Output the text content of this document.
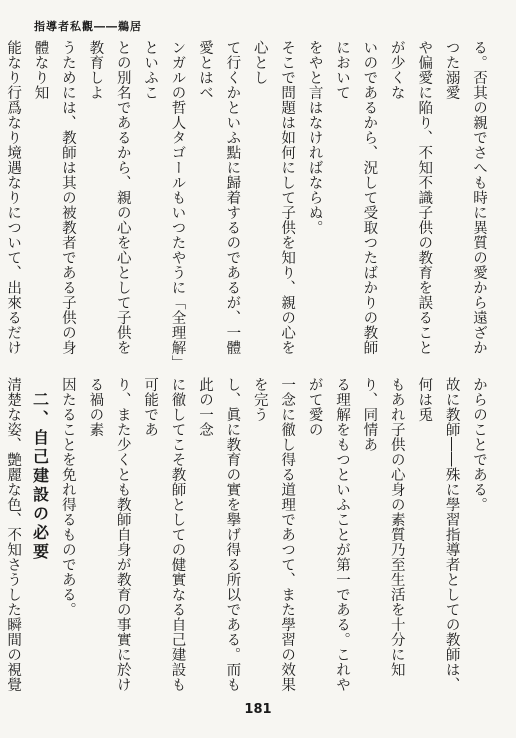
指導者私觀――鵜居

る。否其の親でさへも時に異質の愛から遠ざかつた溺愛

や偏愛に陥り、不知不識子供の教育を誤ることが少くな

いのであるから、況して受取つたばかりの教師において

をやと言はなければならぬ。

そこで問題は如何にして子供を知り、親の心を心とし

て行くかといふ點に歸着するのであるが、一體愛とはベ

ンガルの哲人タゴールもいつたやうに「全理解」といふこ

との別名であるから、親の心を心として子供を教育しよ

うためには、教師は其の被教者である子供の身體なり知

能なり行爲なり境遇なりについて、出來るだけ

からのことである。

故に教師――殊に學習指導者としての教師は、何は兎

もあれ子供の心身の素質乃至生活を十分に知り、同情あ

る理解をもつといふことが第一である。これやがて愛の

一念に徹し得る道理であつて、また學習の效果を完う

し、眞に教育の實を擧げ得る所以である。而も此の一念

に徹してこそ教師としての健實なる自己建設も可能であ

り、また少くとも教師自身が教育の事實に於ける禍の素

因たることを免れ得るものである。

二、自己建設の必要

清楚な姿、艶麗な色、不知さうした瞬間の視覺

181
